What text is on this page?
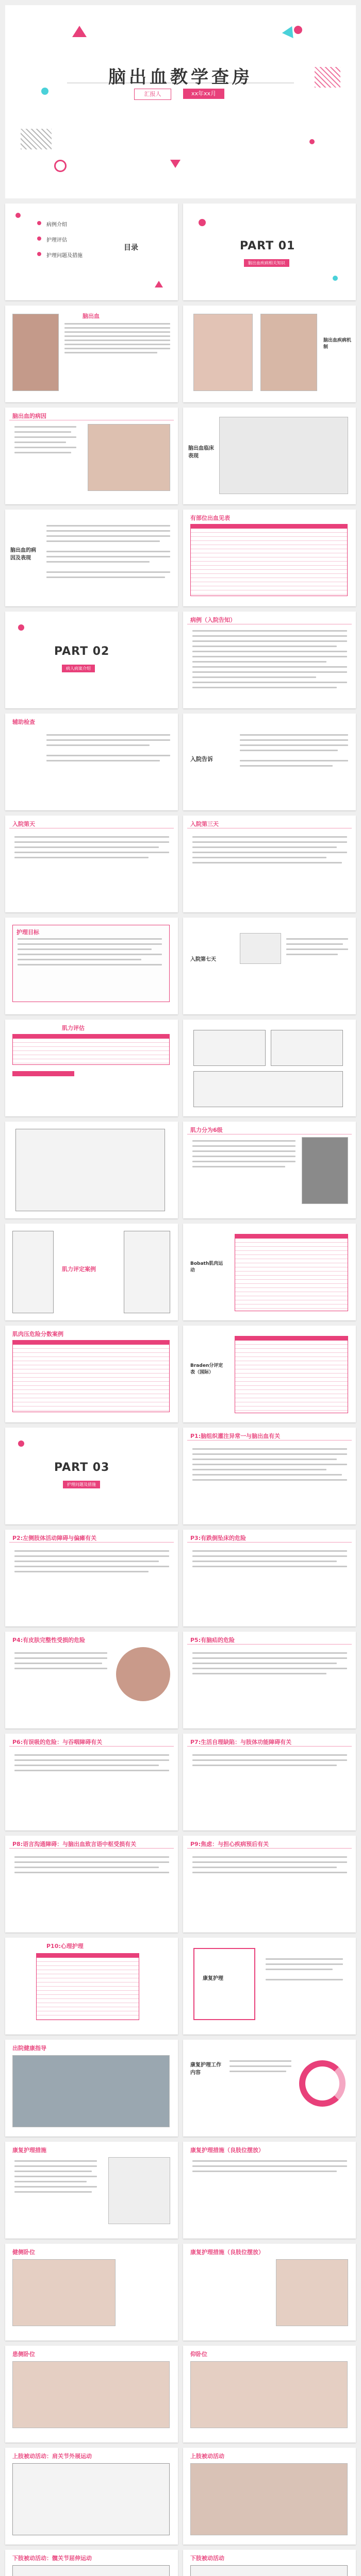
脑出血教学查房
汇报人	xx年xx月
病例介绍
护理评估
护理问题及措施
目录	PART 01
脑出血疾病相关知识
脑出血
脑出血疾病机制
脑出血的病因
脑出血临床表现
脑出血的病因及表现
有部位出血见表
PART 02
病人病案介绍
病例（入院告知）
辅助检查
入院告诉
入院第天	入院第三天
护理目标
入院第七天
肌力评估
肌力分为6级
肌力评定案例
Bobath肌肉运动
肌肉压危险分数案例
Braden分评定表（国际）
PART 03
护理问题及措施
P1:脑组织灌注异常一与脑出血有关
P2:左侧肢体活动障碍与偏瘫有关	P3:有跌倒坠床的危险
P4:有皮肤完整性受损的危险	P5:有脑疝的危险
P6:有误吸的危险：与吞咽障碍有关	P7:生活自理缺陷：与肢体功能障碍有关
P8:语言沟通障碍：与脑出血致言语中枢受损有关	P9:焦虑：与担心疾病预后有关
P10:心理护理
康复护理
出院健康指导
康复护理工作内容
康复护理措施	康复护理措施（良肢位摆放）
健侧卧位	康复护理措施（良肢位摆放）
患侧卧位	仰卧位
上肢被动活动：肩关节外展运动	上肢被动活动
下肢被动活动：髋关节屈伸运动	下肢被动活动
